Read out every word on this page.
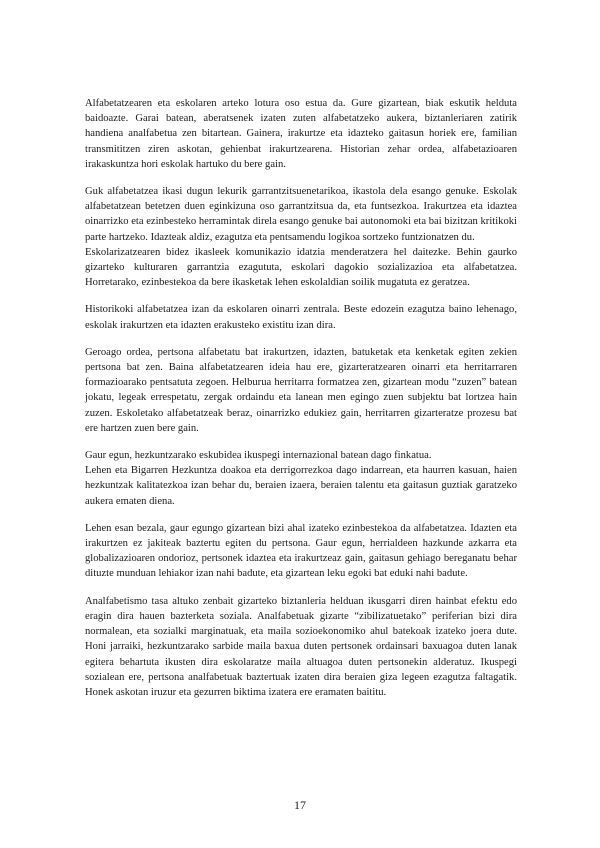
Alfabetatzearen eta eskolaren arteko lotura oso estua da. Gure gizartean, biak eskutik helduta baidoazte. Garai batean, aberatsenek izaten zuten alfabetatzeko aukera, biztanleriaren zatirik handiena analfabetua zen bitartean. Gainera, irakurtze eta idazteko gaitasun horiek ere, familian transmititzen ziren askotan, gehienbat irakurtzearena. Historian zehar ordea, alfabetazioaren irakaskuntza hori eskolak hartuko du bere gain.

Guk alfabetatzea ikasi dugun lekurik garrantzitsuenetarikoa, ikastola dela esango genuke. Eskolak alfabetatzean betetzen duen eginkizuna oso garrantzitsua da, eta funtsezkoa. Irakurtzea eta idaztea oinarrizko eta ezinbesteko herramintak direla esango genuke bai autonomoki eta bai bizitzan kritikoki parte hartzeko. Idazteak aldiz, ezagutza eta pentsamendu logikoa sortzeko funtzionatzen du.

Eskolarizatzearen bidez ikasleek komunikazio idatzia menderatzera hel daitezke. Behin gaurko gizarteko kulturaren garrantzia ezagututa, eskolari dagokio sozializazioa eta alfabetatzea. Horretarako, ezinbestekoa da bere ikasketak lehen eskolaldian soilik mugatuta ez geratzea.

Historikoki alfabetatzea izan da eskolaren oinarri zentrala. Beste edozein ezagutza baino lehenago, eskolak irakurtzen eta idazten erakusteko existitu izan dira.

Geroago ordea, pertsona alfabetatu bat irakurtzen, idazten, batuketak eta kenketak egiten zekien pertsona bat zen. Baina alfabetatzearen ideia hau ere, gizarteratzearen oinarri eta herritarraren formazioarako pentsatuta zegoen. Helburua herritarra formatzea zen, gizartean modu “zuzen” batean jokatu, legeak errespetatu, zergak ordaindu eta lanean men egingo zuen subjektu bat lortzea hain zuzen. Eskoletako alfabetatzeak beraz, oinarrizko edukiez gain, herritarren gizarteratze prozesu bat ere hartzen zuen bere gain.

Gaur egun, hezkuntzarako eskubidea ikuspegi internazional batean dago finkatua.

Lehen eta Bigarren Hezkuntza doakoa eta derrigorrezkoa dago indarrean, eta haurren kasuan, haien hezkuntzak kalitatezkoa izan behar du, beraien izaera, beraien talentu eta gaitasun guztiak garatzeko aukera ematen diena.

Lehen esan bezala, gaur egungo gizartean bizi ahal izateko ezinbestekoa da alfabetatzea. Idazten eta irakurtzen ez jakiteak baztertu egiten du pertsona. Gaur egun, herrialdeen hazkunde azkarra eta globalizazioaren ondorioz, pertsonek idaztea eta irakurtzeaz gain, gaitasun gehiago bereganatu behar dituzte munduan lehiakor izan nahi badute, eta gizartean leku egoki bat eduki nahi badute.

Analfabetismo tasa altuko zenbait gizarteko biztanleria helduan ikusgarri diren hainbat efektu edo eragin dira hauen bazterketa soziala. Analfabetuak gizarte “zibilizatuetako” periferian bizi dira normalean, eta sozialki marginatuak, eta maila sozioekonomiko ahul batekoak izateko joera dute. Honi jarraiki, hezkuntzarako sarbide maila baxua duten pertsonek ordainsari baxuagoa duten lanak egitera behartuta ikusten dira eskolaratze maila altuagoa duten pertsonekin alderatuz. Ikuspegi sozialean ere, pertsona analfabetuak baztertuak izaten dira beraien giza legeen ezagutza faltagatik. Honek askotan iruzur eta gezurren biktima izatera ere eramaten baititu.

17
